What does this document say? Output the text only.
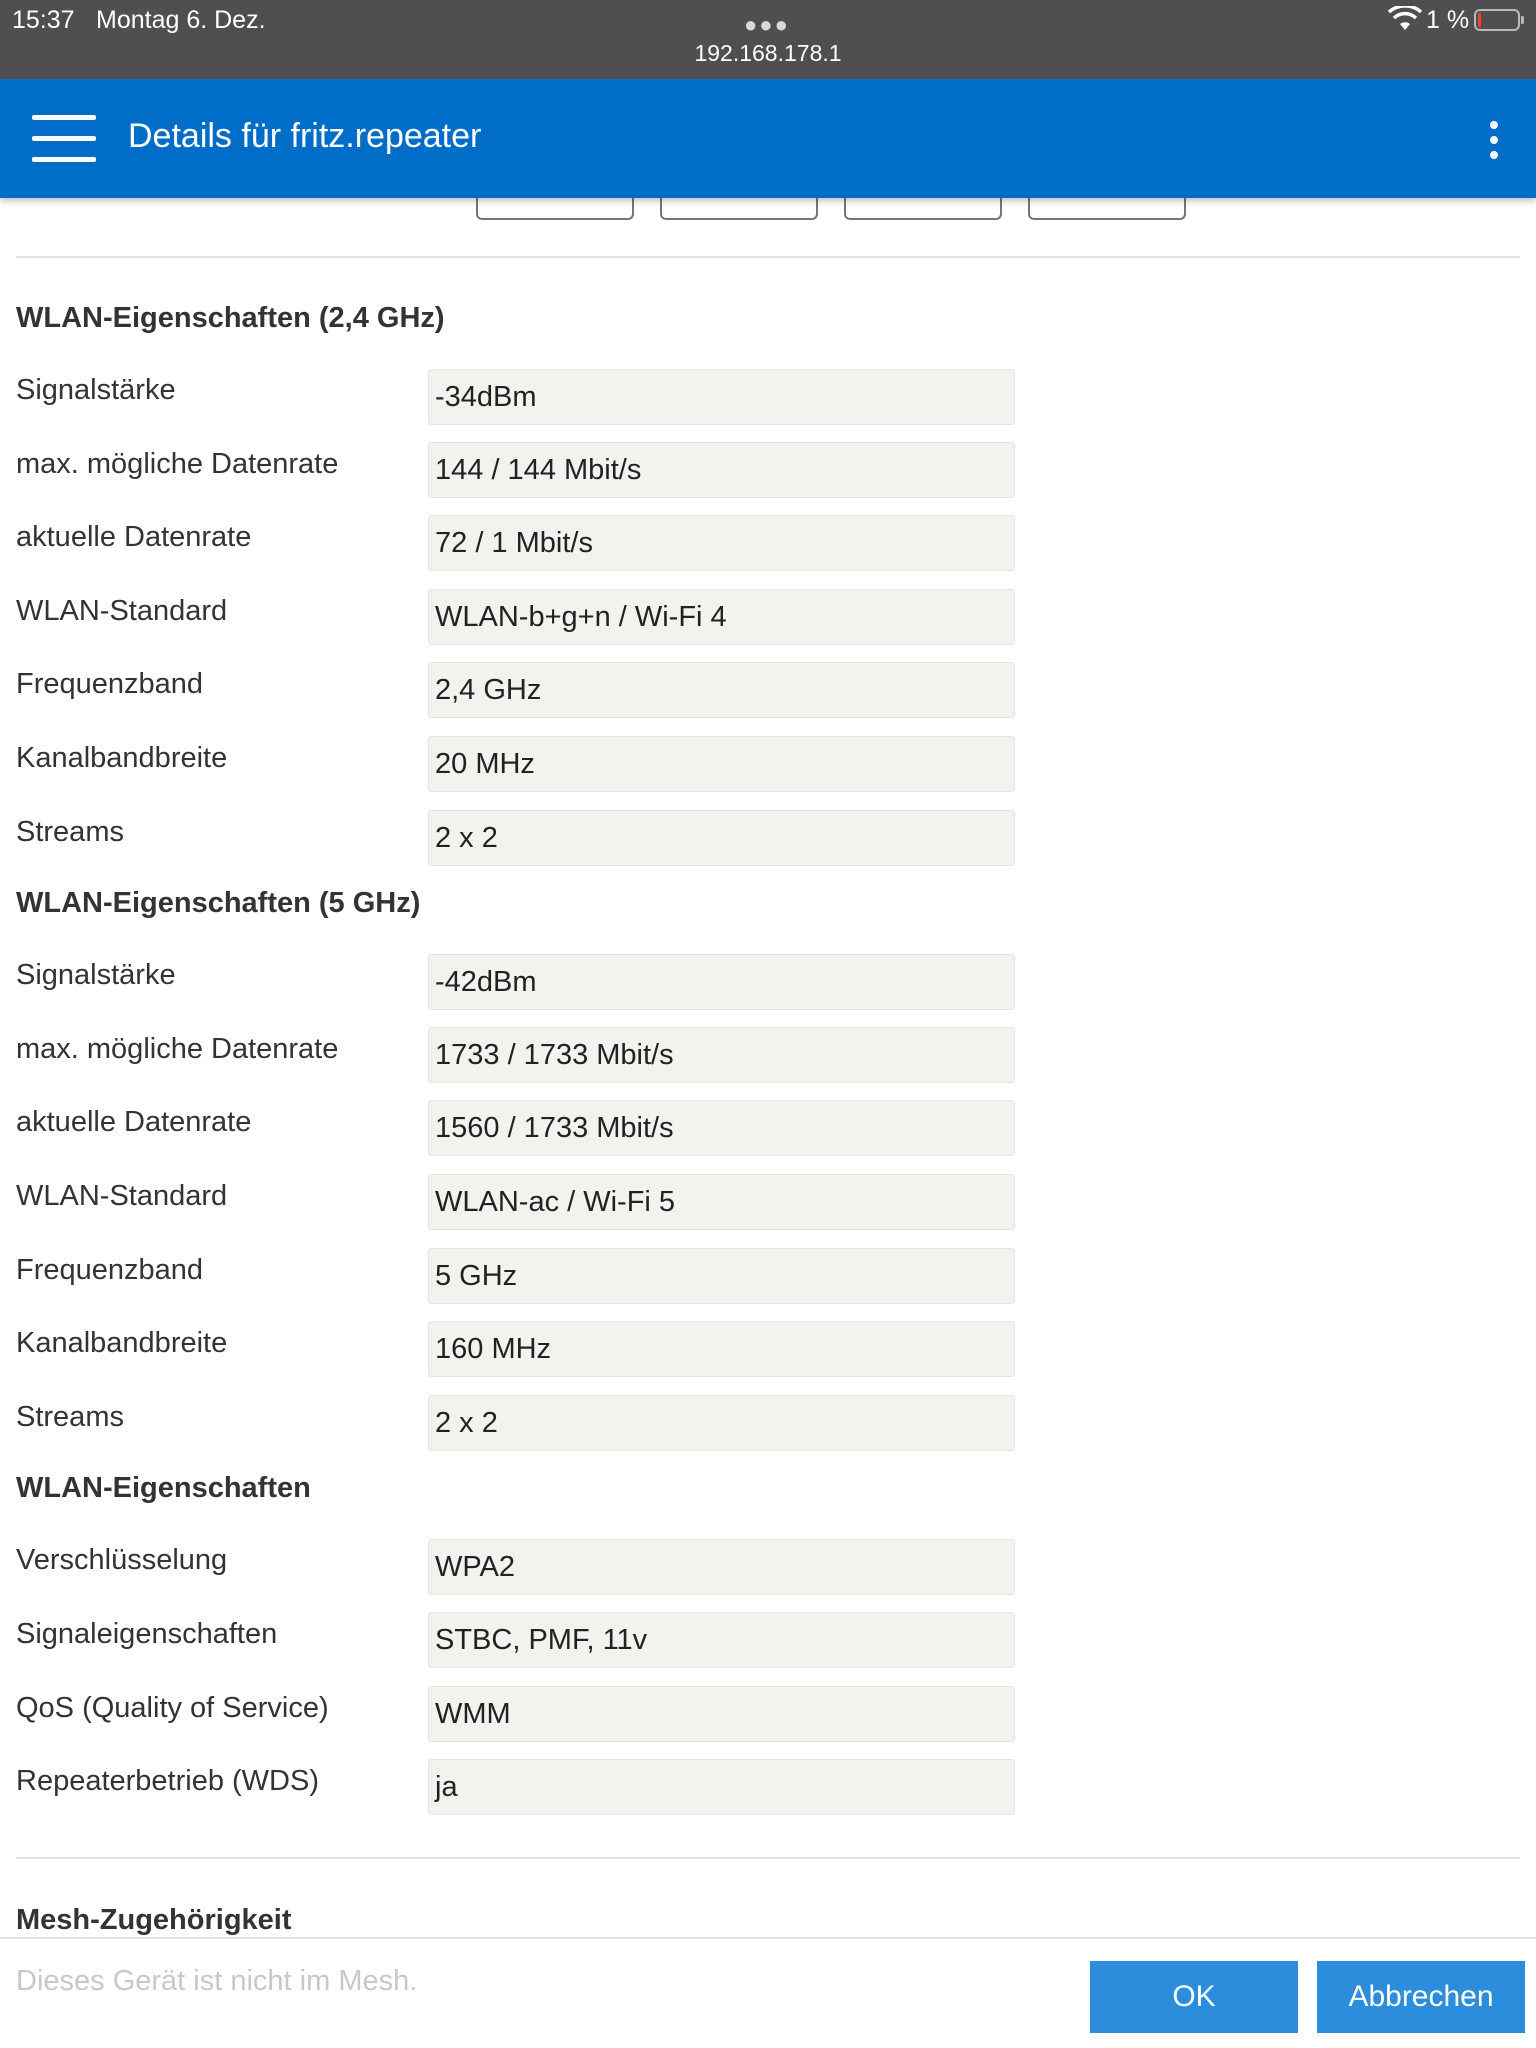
15:37 Montag 6. Dez.	●●●
192.168.178.1
1 %
Details für fritz.repeater
WLAN-Eigenschaften (2,4 GHz)
Signalstärke	-34dBm
max. mögliche Datenrate	144 / 144 Mbit/s
aktuelle Datenrate	72 / 1 Mbit/s
WLAN-Standard	WLAN-b+g+n / Wi-Fi 4
Frequenzband	2,4 GHz
Kanalbandbreite	20 MHz
Streams	2 x 2
WLAN-Eigenschaften (5 GHz)
Signalstärke	-42dBm
max. mögliche Datenrate	1733 / 1733 Mbit/s
aktuelle Datenrate	1560 / 1733 Mbit/s
WLAN-Standard	WLAN-ac / Wi-Fi 5
Frequenzband	5 GHz
Kanalbandbreite	160 MHz
Streams	2 x 2
WLAN-Eigenschaften
Verschlüsselung	WPA2
Signaleigenschaften	STBC, PMF, 11v
QoS (Quality of Service)	WMM
Repeaterbetrieb (WDS)	ja
Mesh-Zugehörigkeit
Dieses Gerät ist nicht im Mesh.	OK	Abbrechen
